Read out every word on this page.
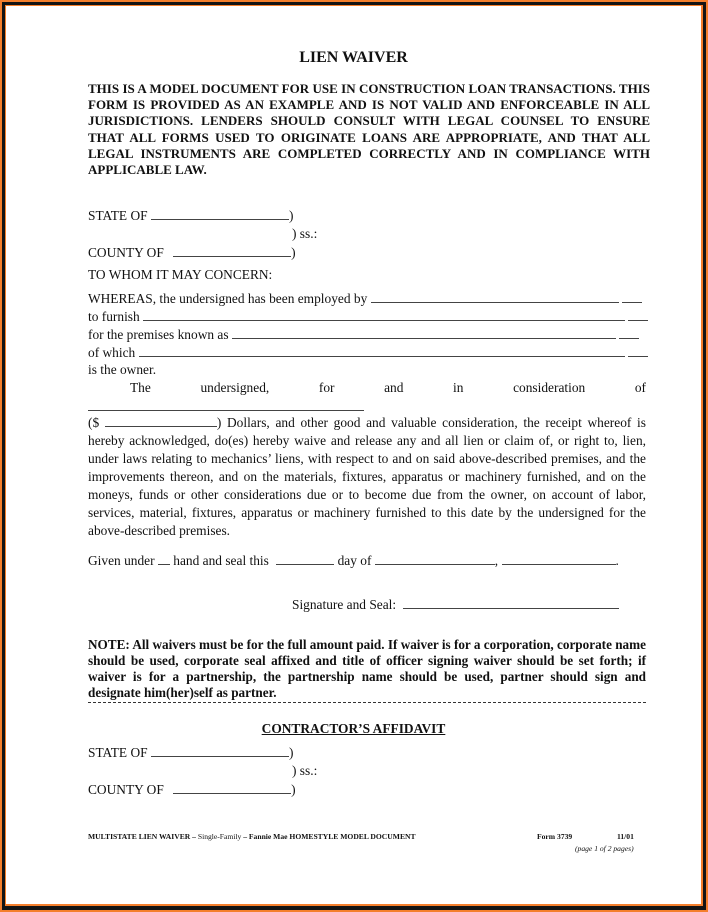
LIEN WAIVER
THIS IS A MODEL DOCUMENT FOR USE IN CONSTRUCTION LOAN TRANSACTIONS. THIS FORM IS PROVIDED AS AN EXAMPLE AND IS NOT VALID AND ENFORCEABLE IN ALL JURISDICTIONS. LENDERS SHOULD CONSULT WITH LEGAL COUNSEL TO ENSURE THAT ALL FORMS USED TO ORIGINATE LOANS ARE APPROPRIATE, AND THAT ALL LEGAL INSTRUMENTS ARE COMPLETED CORRECTLY AND IN COMPLIANCE WITH APPLICABLE LAW.
STATE OF	)
) ss.:
COUNTY OF	)
TO WHOM IT MAY CONCERN:
WHEREAS, the undersigned has been employed by
to furnish
for the premises known as
of which
is the owner.
The	undersigned,	for	and	in	consideration	of
($	) Dollars, and other good and valuable consideration, the receipt whereof is hereby acknowledged, do(es) hereby waive and release any and all lien or claim of, or right to, lien, under laws relating to mechanics’ liens, with respect to and on said above-described premises, and the improvements thereon, and on the materials, fixtures, apparatus or machinery furnished, and on the moneys, funds or other considerations due or to become due from the owner, on account of labor, services, material, fixtures, apparatus or machinery furnished to this date by the undersigned for the above-described premises.
Given under hand and seal this	day of	,	.
Signature and Seal:
NOTE: All waivers must be for the full amount paid. If waiver is for a corporation, corporate name should be used, corporate seal affixed and title of officer signing waiver should be set forth; if waiver is for a partnership, the partnership name should be used, partner should sign and designate him(her)self as partner.
CONTRACTOR’S AFFIDAVIT
STATE OF	)
) ss.:
COUNTY OF	)
MULTISTATE LIEN WAIVER – Single-Family – Fannie Mae HOMESTYLE MODEL DOCUMENT	Form 3739	11/01
(page 1 of 2 pages)
